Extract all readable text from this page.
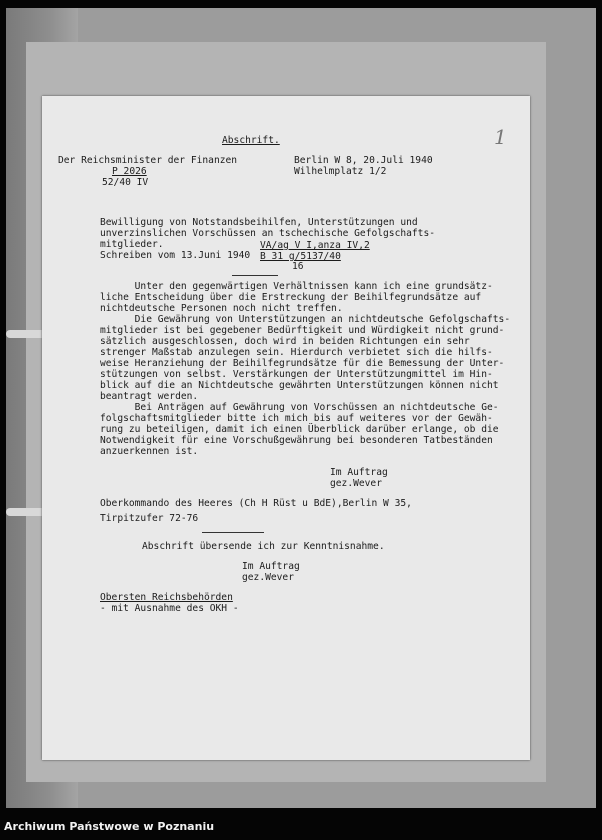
1
Abschrift.
Der Reichsminister der Finanzen
P 2026
52/40 IV
Berlin W 8, 20.Juli 1940
Wilhelmplatz 1/2
Bewilligung von Notstandsbeihilfen, Unterstützungen und
unverzinslichen Vorschüssen an tschechische Gefolgschafts-
mitglieder.
Schreiben vom 13.Juni 1940
VA/ag V I,anza IV,2
B 31 g/5137/40
16
Unter den gegenwärtigen Verhältnissen kann ich eine grundsätz-
liche Entscheidung über die Erstreckung der Beihilfegrundsätze auf
nichtdeutsche Personen noch nicht treffen.
Die Gewährung von Unterstützungen an nichtdeutsche Gefolgschafts-
mitglieder ist bei gegebener Bedürftigkeit und Würdigkeit nicht grund-
sätzlich ausgeschlossen, doch wird in beiden Richtungen ein sehr
strenger Maßstab anzulegen sein. Hierdurch verbietet sich die hilfs-
weise Heranziehung der Beihilfegrundsätze für die Bemessung der Unter-
stützungen von selbst. Verstärkungen der Unterstützungmittel im Hin-
blick auf die an Nichtdeutsche gewährten Unterstützungen können nicht
beantragt werden.
Bei Anträgen auf Gewährung von Vorschüssen an nichtdeutsche Ge-
folgschaftsmitglieder bitte ich mich bis auf weiteres vor der Gewäh-
rung zu beteiligen, damit ich einen Überblick darüber erlange, ob die
Notwendigkeit für eine Vorschußgewährung bei besonderen Tatbeständen
anzuerkennen ist.
Im Auftrag
gez.Wever
Oberkommando des Heeres (Ch H Rüst u BdE),Berlin W 35,
Tirpitzufer 72-76
Abschrift übersende ich zur Kenntnisnahme.
Im Auftrag
gez.Wever
Obersten Reichsbehörden
- mit Ausnahme des OKH -
Archiwum Państwowe w Poznaniu
